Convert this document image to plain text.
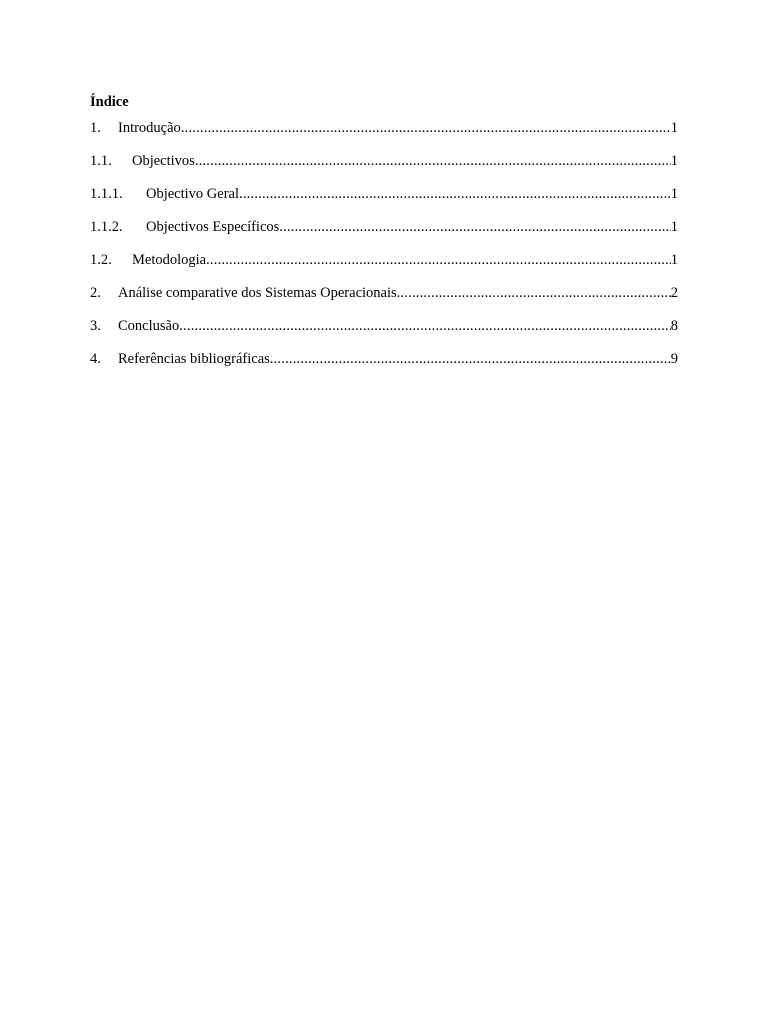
Índice
1.	Introdução .....	1
1.1.	Objectivos .....	1
1.1.1.	Objectivo Geral .....	1
1.1.2.	Objectivos Específicos .....	1
1.2.	Metodologia .....	1
2.	Análise comparative dos Sistemas Operacionais .....	2
3.	Conclusão .....	8
4.	Referências bibliográficas .....	9
